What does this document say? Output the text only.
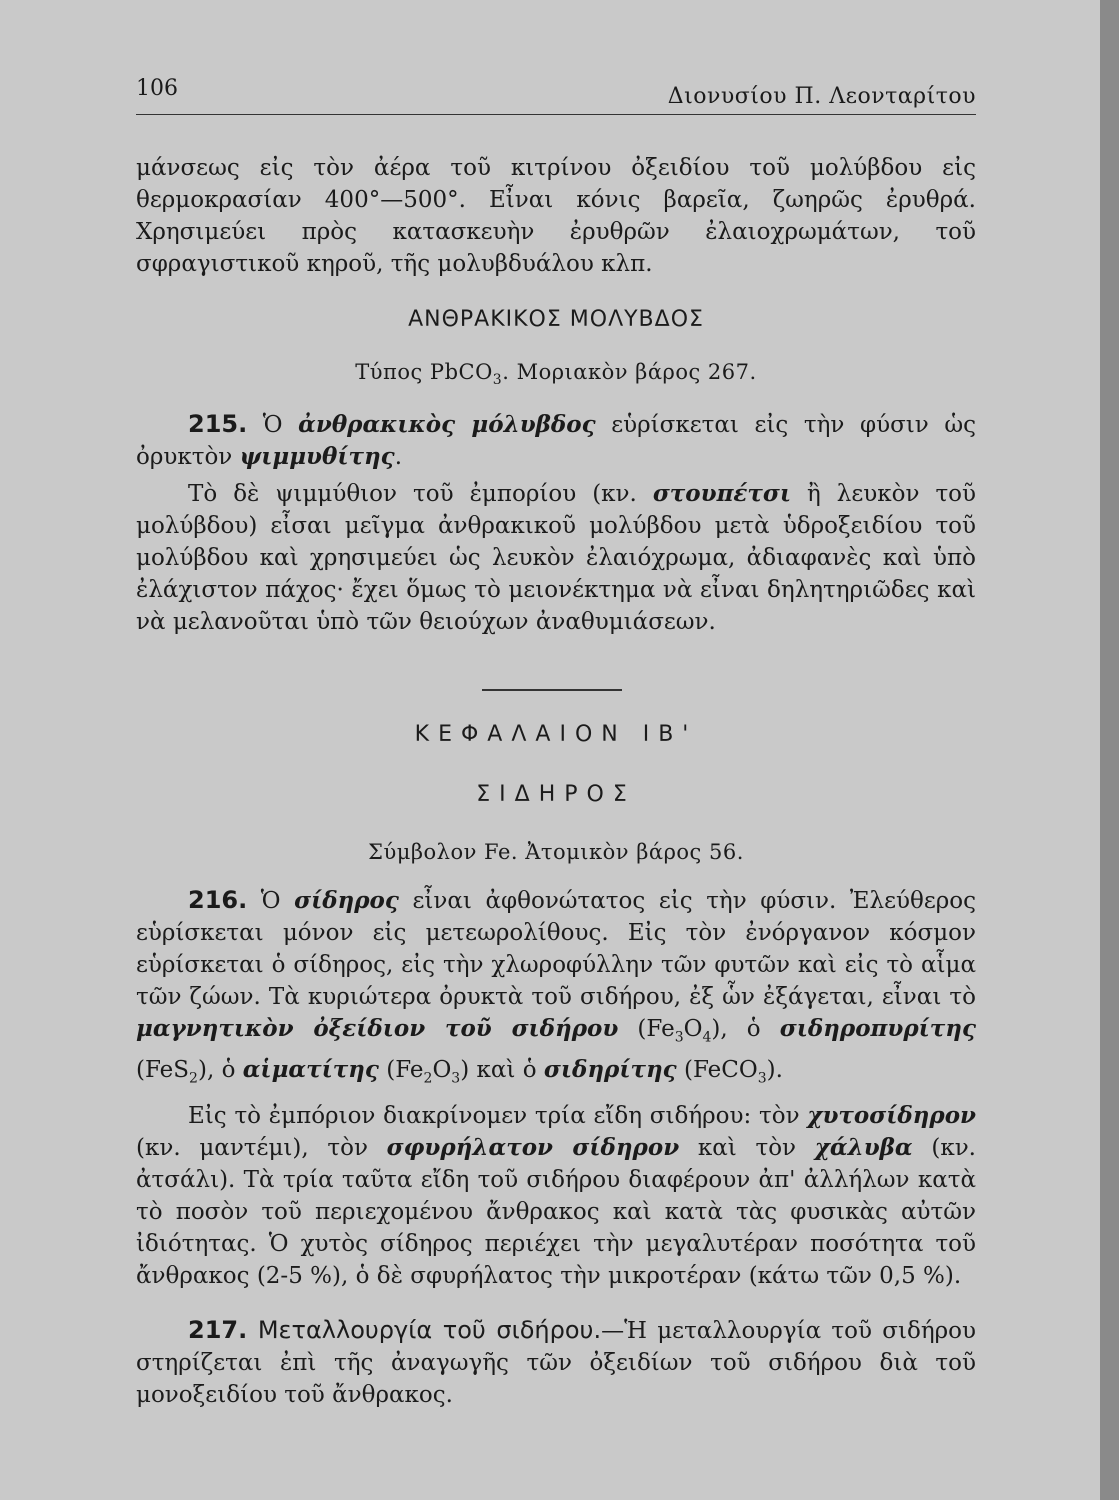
106	Διονυσίου Π. Λεονταρίτου
μάνσεως εἰς τὸν ἀέρα τοῦ κιτρίνου ὀξειδίου τοῦ μολύβδου εἰς θερμοκρασίαν 400°—500°. Εἶναι κόνις βαρεῖα, ζωηρῶς ἐρυθρά. Χρησιμεύει πρὸς κατασκευὴν ἐρυθρῶν ἐλαιοχρωμάτων, τοῦ σφραγιστικοῦ κηροῦ, τῆς μολυβδυάλου κλπ.
ΑΝΘΡΑΚΙΚΟΣ ΜΟΛΥΒΔΟΣ
Τύπος PbCO$_3$. Μοριακὸν βάρος 267.
215. Ὁ ἀνθρακικὸς μόλυβδος εὑρίσκεται εἰς τὴν φύσιν ὡς ὀρυκτὸν ψιμμυθίτης.
Τὸ δὲ ψιμμύθιον τοῦ ἐμπορίου (κν. στουπέτσι ἢ λευκὸν τοῦ μολύβδου) εἶσαι μεῖγμα ἀνθρακικοῦ μολύβδου μετὰ ὑδροξειδίου τοῦ μολύβδου καὶ χρησιμεύει ὡς λευκὸν ἐλαιόχρωμα, ἀδιαφανὲς καὶ ὑπὸ ἐλάχιστον πάχος· ἔχει ὅμως τὸ μειονέκτημα νὰ εἶναι δηλητηριῶδες καὶ νὰ μελανοῦται ὑπὸ τῶν θειούχων ἀναθυμιάσεων.
ΚΕΦΑΛΑΙΟΝ ΙΒ'
ΣΙΔΗΡΟΣ
Σύμβολον Fe. Ἀτομικὸν βάρος 56.
216. Ὁ σίδηρος εἶναι ἀφθονώτατος εἰς τὴν φύσιν. Ἐλεύθερος εὑρίσκεται μόνον εἰς μετεωρολίθους. Εἰς τὸν ἐνόργανον κόσμον εὑρίσκεται ὁ σίδηρος, εἰς τὴν χλωροφύλλην τῶν φυτῶν καὶ εἰς τὸ αἷμα τῶν ζώων. Τὰ κυριώτερα ὀρυκτὰ τοῦ σιδήρου, ἐξ ὧν ἐξάγεται, εἶναι τὸ μαγνητικὸν ὀξείδιον τοῦ σιδήρου $(Fe_3O_4)$, ὁ σιδηροπυρίτης (FeS$_2$), ὁ αἱματίτης $(Fe_2O_3)$ καὶ ὁ σιδηρίτης (FeCO$_3$).
Εἰς τὸ ἐμπόριον διακρίνομεν τρία εἴδη σιδήρου: τὸν χυτοσίδηρον (κν. μαντέμι), τὸν σφυρήλατον σίδηρον καὶ τὸν χάλυβα (κν. ἀτσάλι). Τὰ τρία ταῦτα εἴδη τοῦ σιδήρου διαφέρουν ἀπ' ἀλλήλων κατὰ τὸ ποσὸν τοῦ περιεχομένου ἄνθρακος καὶ κατὰ τὰς φυσικὰς αὐτῶν ἰδιότητας. Ὁ χυτὸς σίδηρος περιέχει τὴν μεγαλυτέραν ποσότητα τοῦ ἄνθρακος (2-5 %), ὁ δὲ σφυρήλατος τὴν μικροτέραν (κάτω τῶν 0,5 %).
217. Μεταλλουργία τοῦ σιδήρου.—Ἡ μεταλλουργία τοῦ σιδήρου στηρίζεται ἐπὶ τῆς ἀναγωγῆς τῶν ὀξειδίων τοῦ σιδήρου διὰ τοῦ μονοξειδίου τοῦ ἄνθρακος.
